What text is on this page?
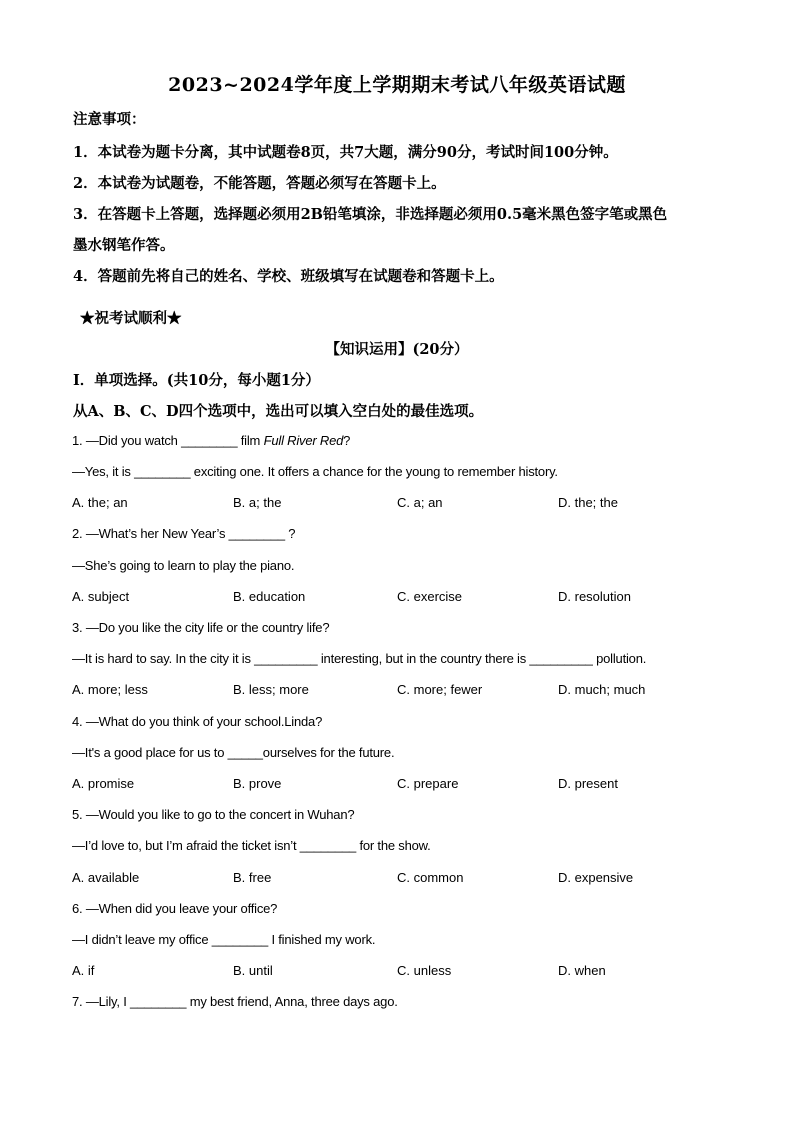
2023~2024学年度上学期期末考试八年级英语试题
注意事项：
1．本试卷为题卡分离，其中试题卷8页，共7大题，满分90分，考试时间100分钟。
2．本试卷为试题卷，不能答题，答题必须写在答题卡上。
3．在答题卡上答题，选择题必须用2B铅笔填涂，非选择题必须用0.5毫米黑色签字笔或黑色
墨水钢笔作答。
4．答题前先将自己的姓名、学校、班级填写在试题卷和答题卡上。
★祝考试顺利★
【知识运用】(20分）
Ⅰ．单项选择。(共10分，每小题1分）
从A、B、C、D四个选项中，选出可以填入空白处的最佳选项。
1. —Did you watch ________ film Full River Red?
—Yes, it is ________ exciting one. It offers a chance for the young to remember history.
A. the; an	B. a; the	C. a; an	D. the; the
2. —What’s her New Year’s ________ ?
—She’s going to learn to play the piano.
A. subject	B. education	C. exercise	D. resolution
3. —Do you like the city life or the country life?
—It is hard to say. In the city it is _________ interesting, but in the country there is _________ pollution.
A. more; less	B. less; more	C. more; fewer	D. much; much
4. —What do you think of your school.Linda?
—It's a good place for us to _____ourselves for the future.
A. promise	B. prove	C. prepare	D. present
5. —Would you like to go to the concert in Wuhan?
—I’d love to, but I’m afraid the ticket isn’t ________ for the show.
A. available	B. free	C. common	D. expensive
6. —When did you leave your office?
—I didn’t leave my office ________ I finished my work.
A. if	B. until	C. unless	D. when
7. —Lily, I ________ my best friend, Anna, three days ago.
